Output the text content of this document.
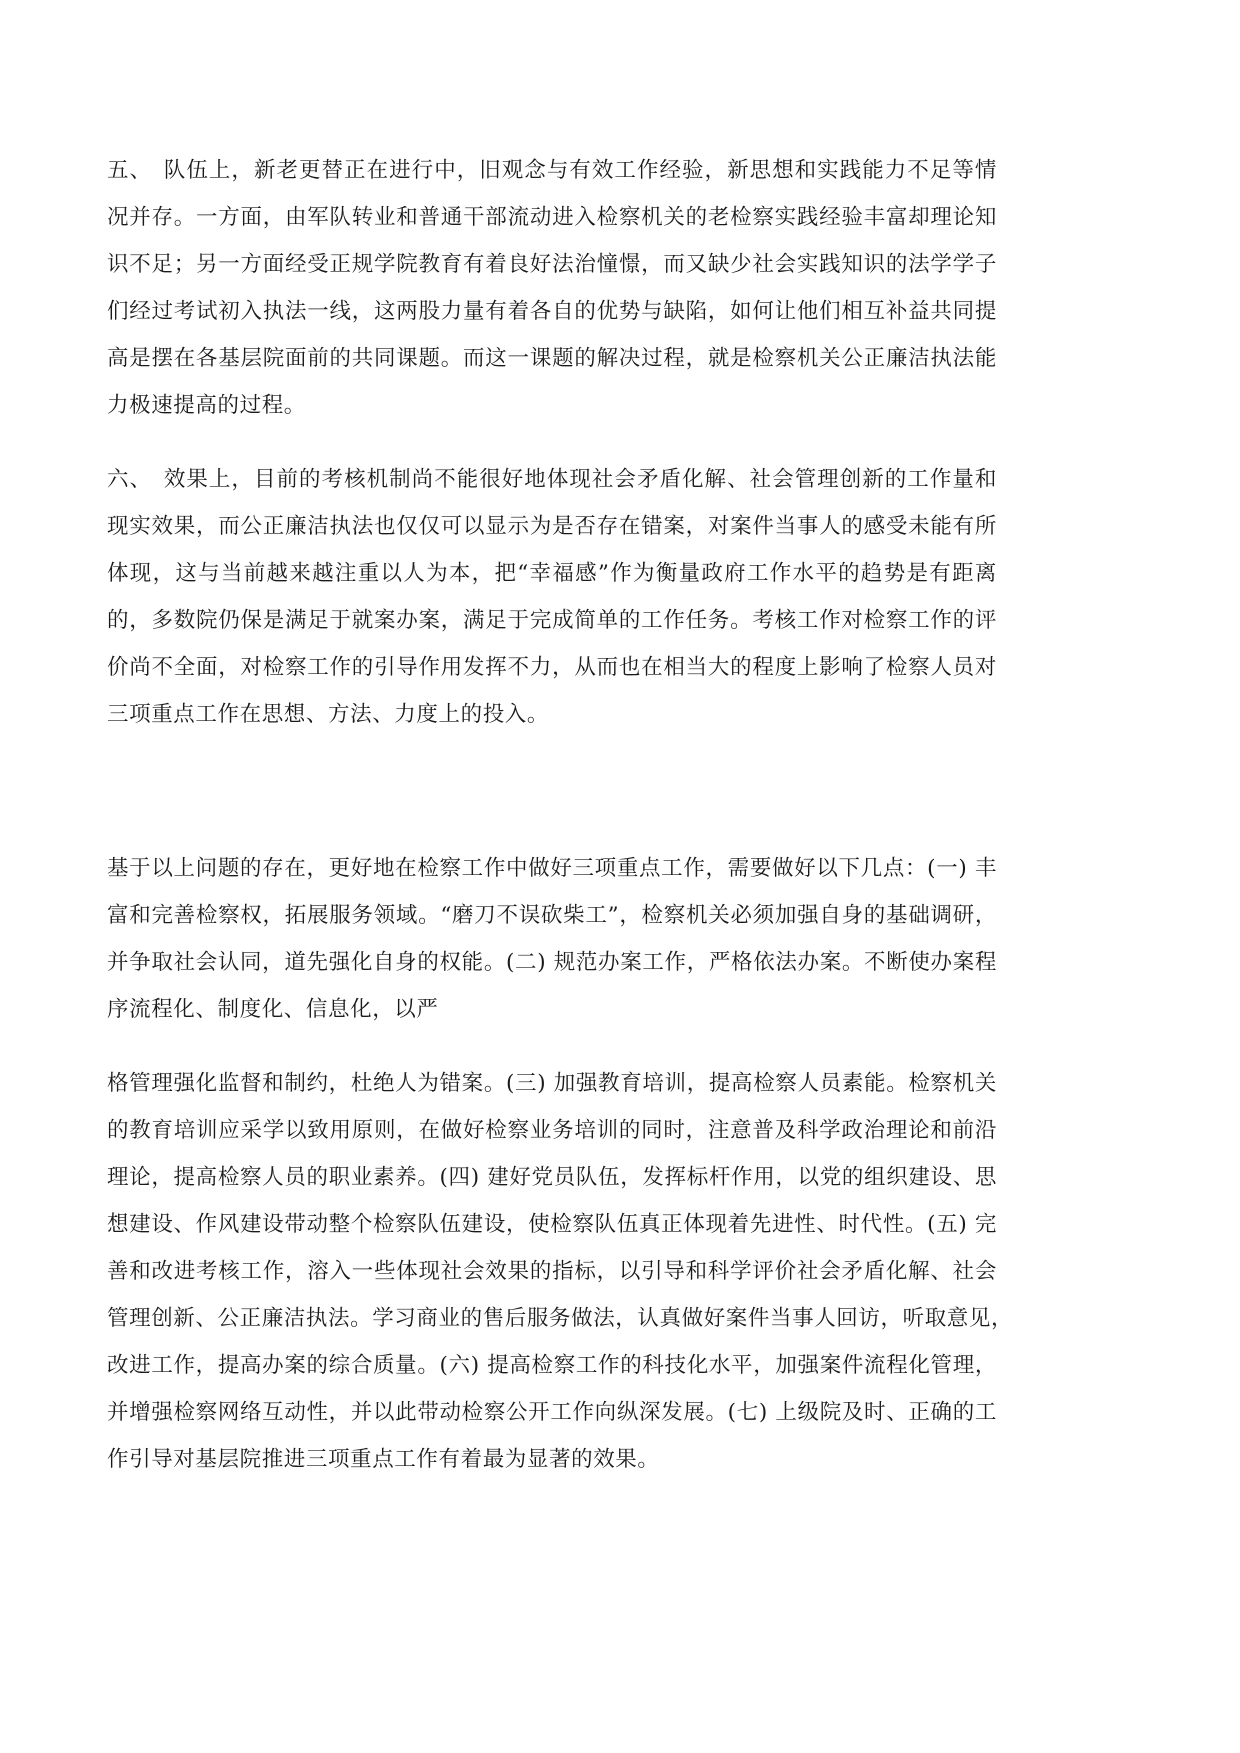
五、　队伍上，新老更替正在进行中，旧观念与有效工作经验，新思想和实践能力不足等情
况并存。一方面，由军队转业和普通干部流动进入检察机关的老检察实践经验丰富却理论知
识不足；另一方面经受正规学院教育有着良好法治憧憬，而又缺少社会实践知识的法学学子
们经过考试初入执法一线，这两股力量有着各自的优势与缺陷，如何让他们相互补益共同提
高是摆在各基层院面前的共同课题。而这一课题的解决过程，就是检察机关公正廉洁执法能
力极速提高的过程。
六、　效果上，目前的考核机制尚不能很好地体现社会矛盾化解、社会管理创新的工作量和
现实效果，而公正廉洁执法也仅仅可以显示为是否存在错案，对案件当事人的感受未能有所
体现，这与当前越来越注重以人为本，把“幸福感”作为衡量政府工作水平的趋势是有距离
的，多数院仍保是满足于就案办案，满足于完成简单的工作任务。考核工作对检察工作的评
价尚不全面，对检察工作的引导作用发挥不力，从而也在相当大的程度上影响了检察人员对
三项重点工作在思想、方法、力度上的投入。
基于以上问题的存在，更好地在检察工作中做好三项重点工作，需要做好以下几点：(一) 丰
富和完善检察权，拓展服务领域。“磨刀不误砍柴工”，检察机关必须加强自身的基础调研，
并争取社会认同，道先强化自身的权能。(二) 规范办案工作，严格依法办案。不断使办案程
序流程化、制度化、信息化，以严
格管理强化监督和制约，杜绝人为错案。(三) 加强教育培训，提高检察人员素能。检察机关
的教育培训应采学以致用原则，在做好检察业务培训的同时，注意普及科学政治理论和前沿
理论，提高检察人员的职业素养。(四) 建好党员队伍，发挥标杆作用，以党的组织建设、思
想建设、作风建设带动整个检察队伍建设，使检察队伍真正体现着先进性、时代性。(五) 完
善和改进考核工作，溶入一些体现社会效果的指标，以引导和科学评价社会矛盾化解、社会
管理创新、公正廉洁执法。学习商业的售后服务做法，认真做好案件当事人回访，听取意见，
改进工作，提高办案的综合质量。(六) 提高检察工作的科技化水平，加强案件流程化管理，
并增强检察网络互动性，并以此带动检察公开工作向纵深发展。(七) 上级院及时、正确的工
作引导对基层院推进三项重点工作有着最为显著的效果。
